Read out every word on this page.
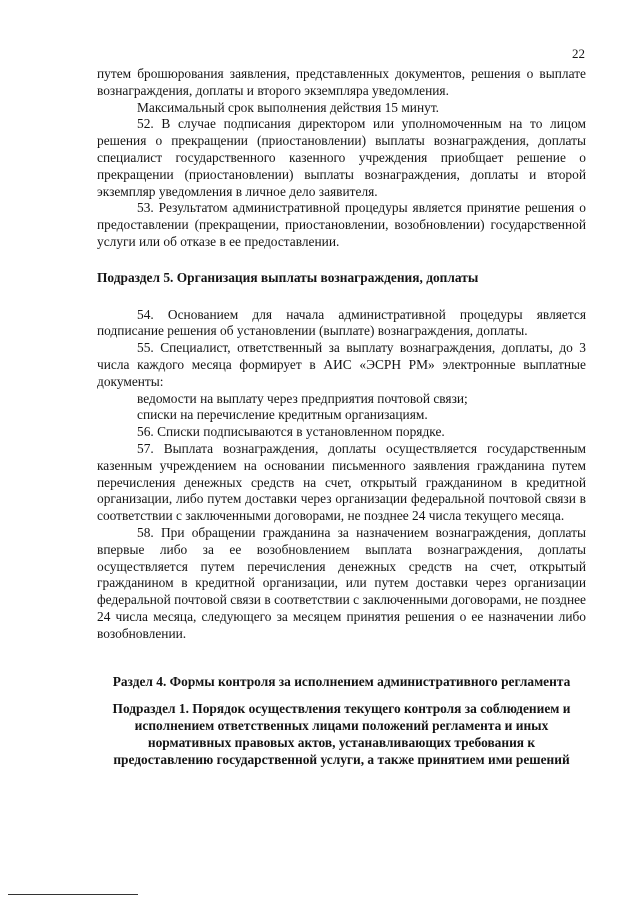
22

путем брошюрования заявления, представленных документов, решения о выплате вознаграждения, доплаты и второго экземпляра уведомления.

Максимальный срок выполнения действия 15 минут.

52. В случае подписания директором или уполномоченным на то лицом решения о прекращении (приостановлении) выплаты вознаграждения, доплаты специалист государственного казенного учреждения приобщает решение о прекращении (приостановлении) выплаты вознаграждения, доплаты и второй экземпляр уведомления в личное дело заявителя.

53. Результатом административной процедуры является принятие решения о предоставлении (прекращении, приостановлении, возобновлении) государственной услуги или об отказе в ее предоставлении.

Подраздел 5. Организация выплаты вознаграждения, доплаты

54. Основанием для начала административной процедуры является подписание решения об установлении (выплате) вознаграждения, доплаты.

55. Специалист, ответственный за выплату вознаграждения, доплаты, до 3 числа каждого месяца формирует в АИС «ЭСРН РМ» электронные выплатные документы:

ведомости на выплату через предприятия почтовой связи;

списки на перечисление кредитным организациям.

56. Списки подписываются в установленном порядке.

57. Выплата вознаграждения, доплаты осуществляется государственным казенным учреждением на основании письменного заявления гражданина путем перечисления денежных средств на счет, открытый гражданином в кредитной организации, либо путем доставки через организации федеральной почтовой связи в соответствии с заключенными договорами, не позднее 24 числа текущего месяца.

58. При обращении гражданина за назначением вознаграждения, доплаты впервые либо за ее возобновлением выплата вознаграждения, доплаты осуществляется путем перечисления денежных средств на счет, открытый гражданином в кредитной организации, или путем доставки через организации федеральной почтовой связи в соответствии с заключенными договорами, не позднее 24 числа месяца, следующего за месяцем принятия решения о ее назначении либо возобновлении.

Раздел 4. Формы контроля за исполнением административного регламента

Подраздел 1. Порядок осуществления текущего контроля за соблюдением и исполнением ответственных лицами положений регламента и иных нормативных правовых актов, устанавливающих требования к предоставлению государственной услуги, а также принятием ими решений
